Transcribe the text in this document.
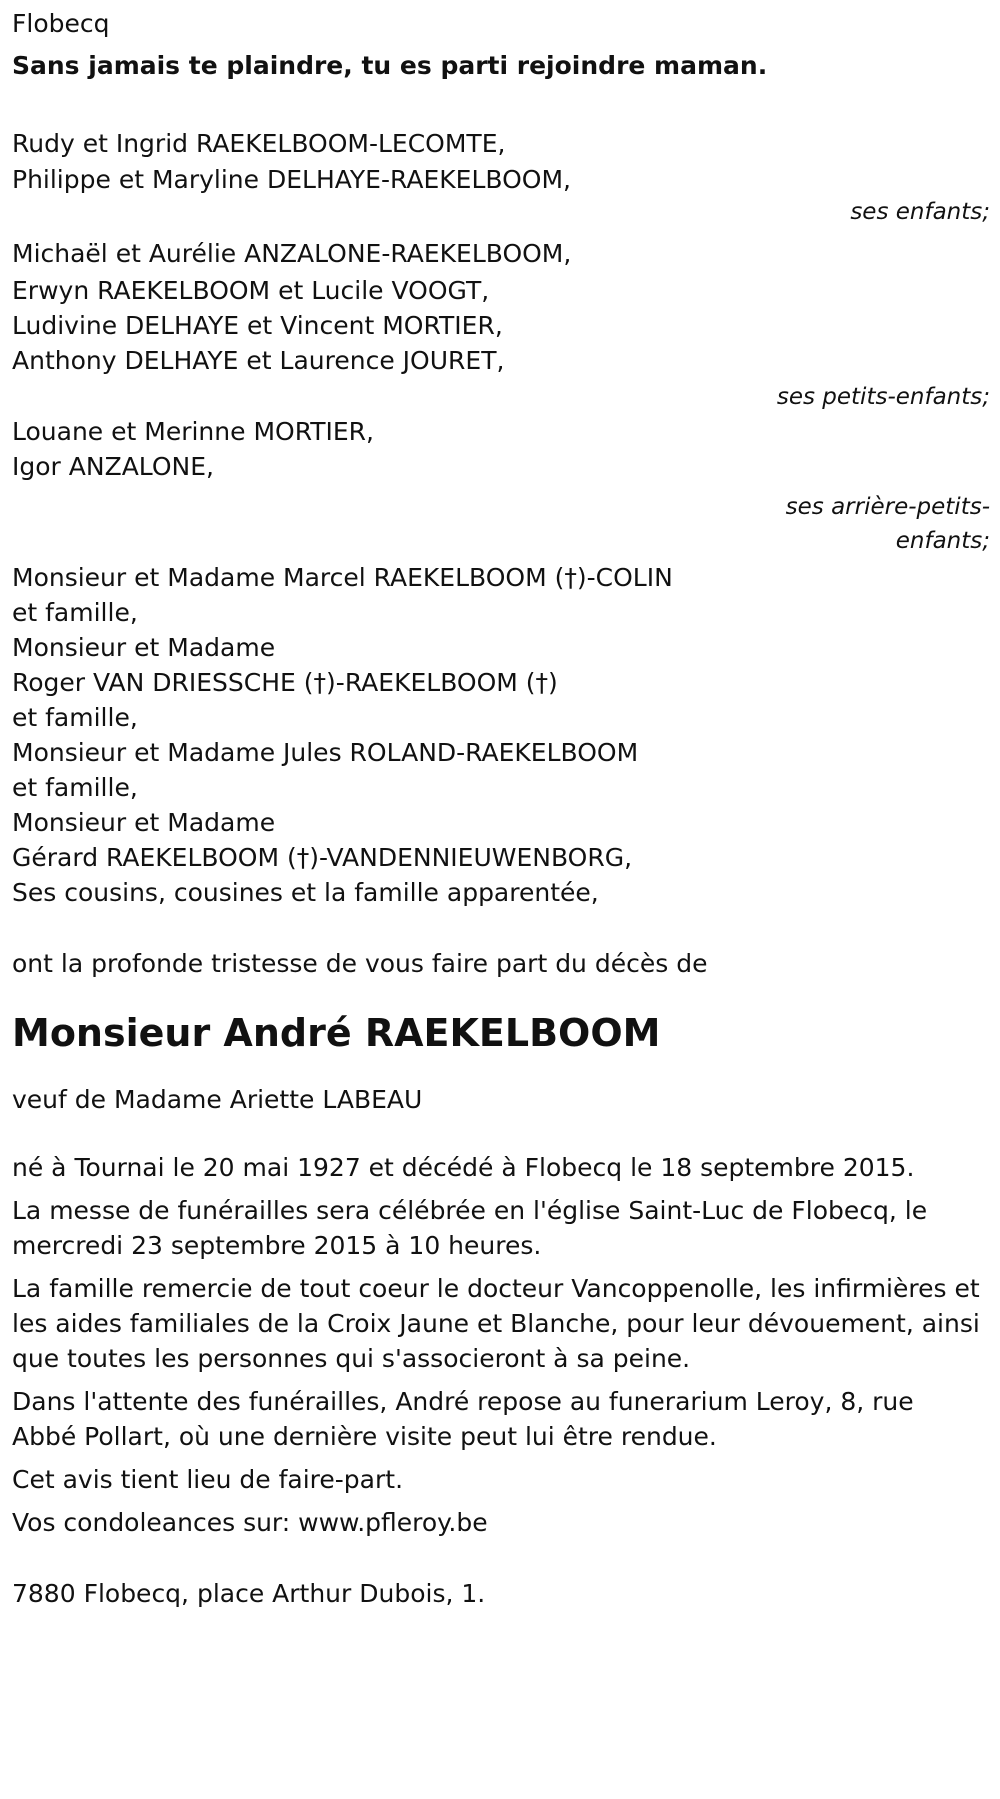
Flobecq

Sans jamais te plaindre, tu es parti rejoindre maman.

Rudy et Ingrid RAEKELBOOM-LECOMTE,

Philippe et Maryline DELHAYE-RAEKELBOOM,

ses enfants;

Michaël et Aurélie ANZALONE-RAEKELBOOM,

Erwyn RAEKELBOOM et Lucile VOOGT,

Ludivine DELHAYE et Vincent MORTIER,

Anthony DELHAYE et Laurence JOURET,

ses petits-enfants;

Louane et Merinne MORTIER,

Igor ANZALONE,

ses arrière-petits-

enfants;

Monsieur et Madame Marcel RAEKELBOOM (†)-COLIN

et famille,

Monsieur et Madame

Roger VAN DRIESSCHE (†)-RAEKELBOOM (†)

et famille,

Monsieur et Madame Jules ROLAND-RAEKELBOOM

et famille,

Monsieur et Madame

Gérard RAEKELBOOM (†)-VANDENNIEUWENBORG,

Ses cousins, cousines et la famille apparentée,

ont la profonde tristesse de vous faire part du décès de

Monsieur André RAEKELBOOM

veuf de Madame Ariette LABEAU

né à Tournai le 20 mai 1927 et décédé à Flobecq le 18 septembre 2015.

La messe de funérailles sera célébrée en l'église Saint-Luc de Flobecq, le mercredi 23 septembre 2015 à 10 heures.

La famille remercie de tout coeur le docteur Vancoppenolle, les infirmières et les aides familiales de la Croix Jaune et Blanche, pour leur dévouement, ainsi que toutes les personnes qui s'associeront à sa peine.

Dans l'attente des funérailles, André repose au funerarium Leroy, 8, rue Abbé Pollart, où une dernière visite peut lui être rendue.

Cet avis tient lieu de faire-part.

Vos condoleances sur: www.pfleroy.be

7880 Flobecq, place Arthur Dubois, 1.
